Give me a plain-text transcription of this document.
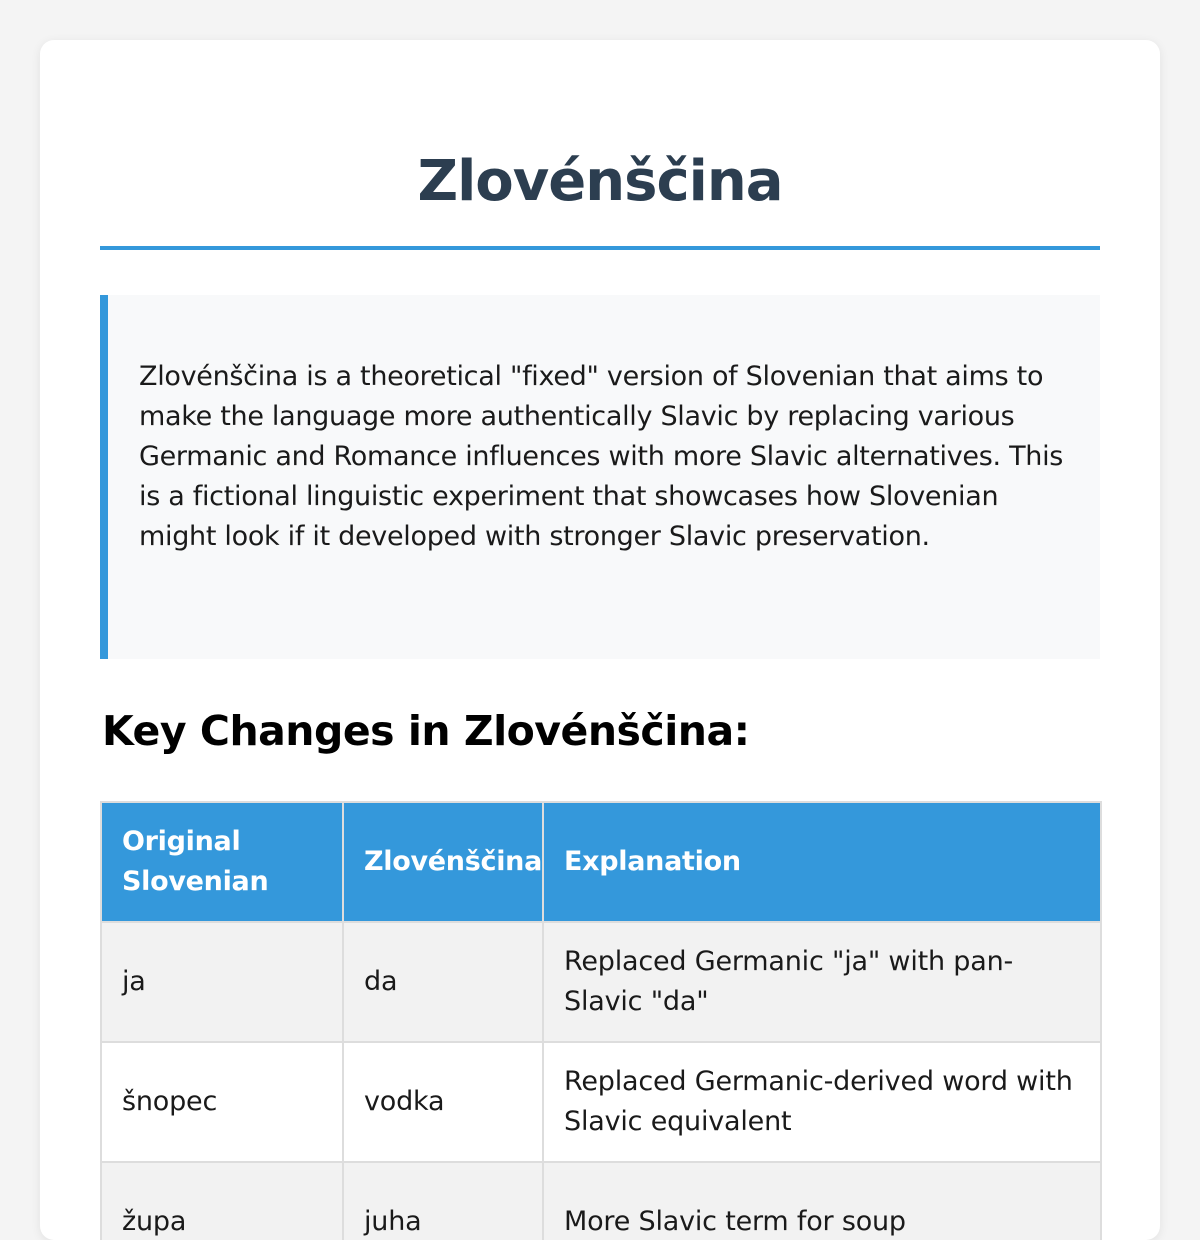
Zlovénščina

Zlovénščina is a theoretical "fixed" version of Slovenian that aims to make the language more authentically Slavic by replacing various Germanic and Romance influences with more Slavic alternatives. This is a fictional linguistic experiment that showcases how Slovenian might look if it developed with stronger Slavic preservation.

Key Changes in Zlovénščina:
Original Slovenian	Zlovénščina	Explanation
ja	da	Replaced Germanic "ja" with pan-Slavic "da"
šnopec	vodka	Replaced Germanic-derived word with Slavic equivalent
župa	juha	More Slavic term for soup
